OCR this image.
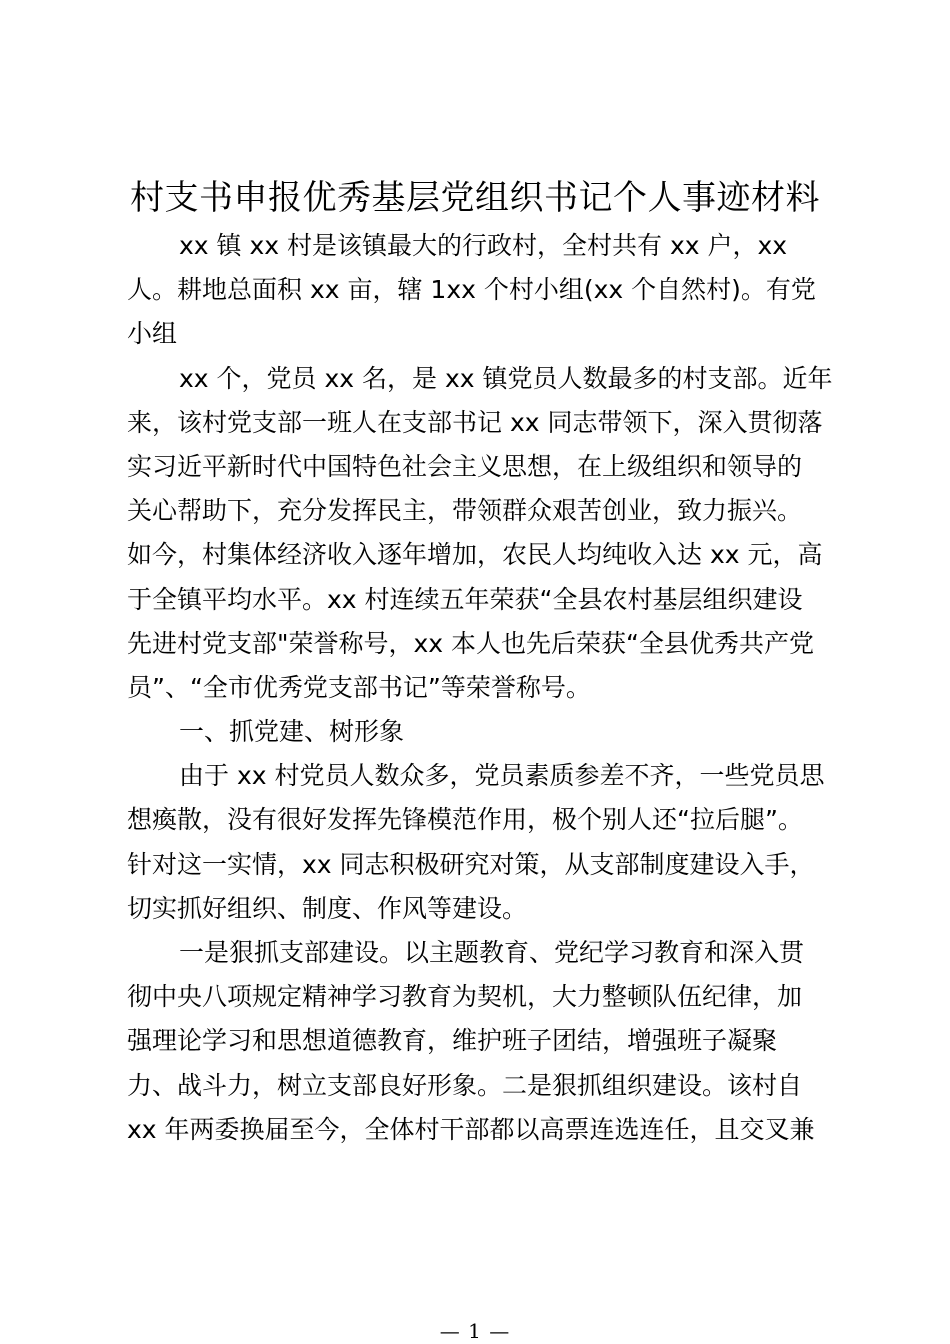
村支书申报优秀基层党组织书记个人事迹材料
xx 镇 xx 村是该镇最大的行政村，全村共有 xx 户，xx
人。耕地总面积 xx 亩，辖 1xx 个村小组(xx 个自然村)。有党
小组
xx 个，党员 xx 名，是 xx 镇党员人数最多的村支部。近年
来，该村党支部一班人在支部书记 xx 同志带领下，深入贯彻落
实习近平新时代中国特色社会主义思想，在上级组织和领导的
关心帮助下，充分发挥民主，带领群众艰苦创业，致力振兴。
如今，村集体经济收入逐年增加，农民人均纯收入达 xx 元，高
于全镇平均水平。xx 村连续五年荣获“全县农村基层组织建设
先进村党支部"荣誉称号，xx 本人也先后荣获“全县优秀共产党
员”、“全市优秀党支部书记”等荣誉称号。
一、抓党建、树形象
由于 xx 村党员人数众多，党员素质参差不齐，一些党员思
想瘓散，没有很好发挥先锋模范作用，极个别人还“拉后腿”。
针对这一实情，xx 同志积极研究对策，从支部制度建设入手，
切实抓好组织、制度、作风等建设。
一是狠抓支部建设。以主题教育、党纪学习教育和深入贯
彻中央八项规定精神学习教育为契机，大力整顿队伍纪律，加
强理论学习和思想道德教育，维护班子团结，增强班子凝聚
力、战斗力，树立支部良好形象。二是狠抓组织建设。该村自
xx 年两委换届至今，全体村干部都以高票连选连任，且交叉兼
— 1 —
